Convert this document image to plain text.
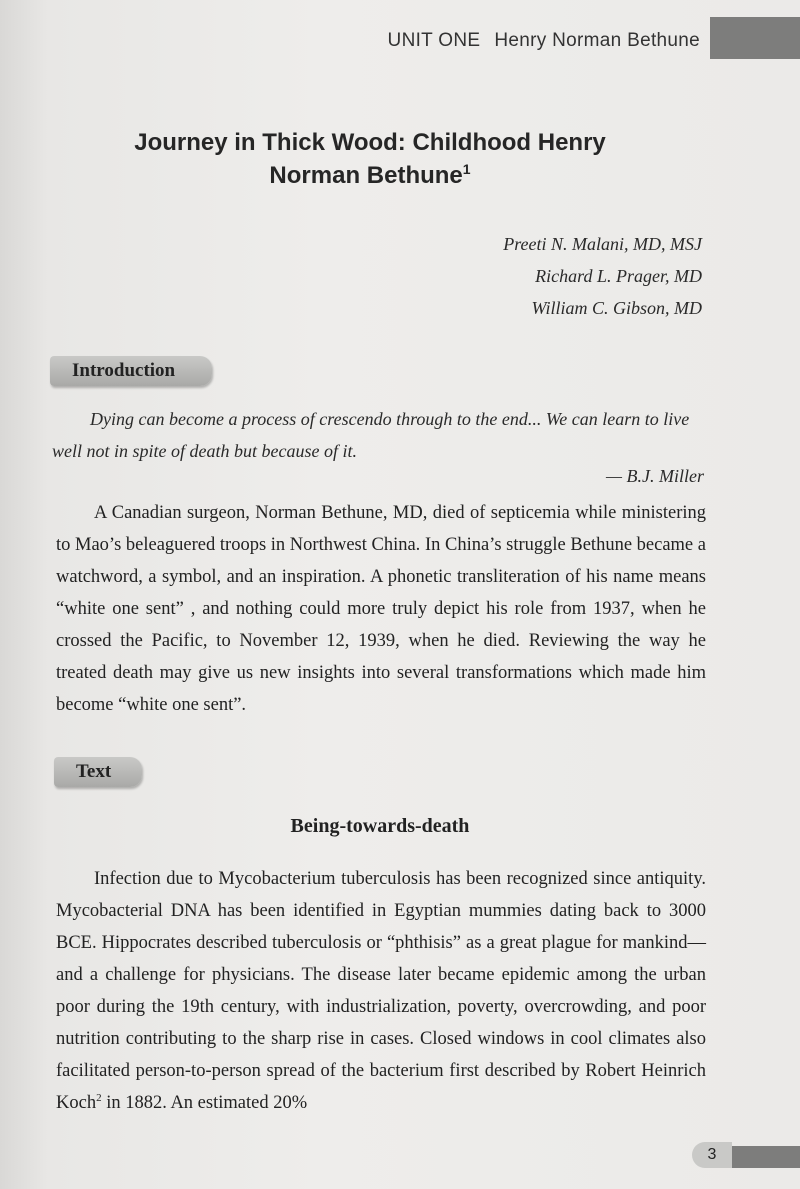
UNIT ONE Henry Norman Bethune
Journey in Thick Wood: Childhood Henry Norman Bethune$^1$
Preeti N. Malani, MD, MSJ
Richard L. Prager, MD
William C. Gibson, MD
Introduction
Dying can become a process of crescendo through to the end... We can learn to live well not in spite of death but because of it.
— B.J. Miller
A Canadian surgeon, Norman Bethune, MD, died of septicemia while ministering to Mao’s beleaguered troops in Northwest China. In China’s struggle Bethune became a watchword, a symbol, and an inspiration. A phonetic transliteration of his name means “white one sent” , and nothing could more truly depict his role from 1937, when he crossed the Pacific, to November 12, 1939, when he died. Reviewing the way he treated death may give us new insights into several transformations which made him become “white one sent”.
Text
Being-towards-death
Infection due to Mycobacterium tuberculosis has been recognized since antiquity. Mycobacterial DNA has been identified in Egyptian mummies dating back to 3000 BCE. Hippocrates described tuberculosis or “phthisis” as a great plague for mankind—and a challenge for physicians. The disease later became epidemic among the urban poor during the 19th century, with industrialization, poverty, overcrowding, and poor nutrition contributing to the sharp rise in cases. Closed windows in cool climates also facilitated person-to-person spread of the bacterium first described by Robert Heinrich Koch$^2$ in 1882. An estimated 20%
3
